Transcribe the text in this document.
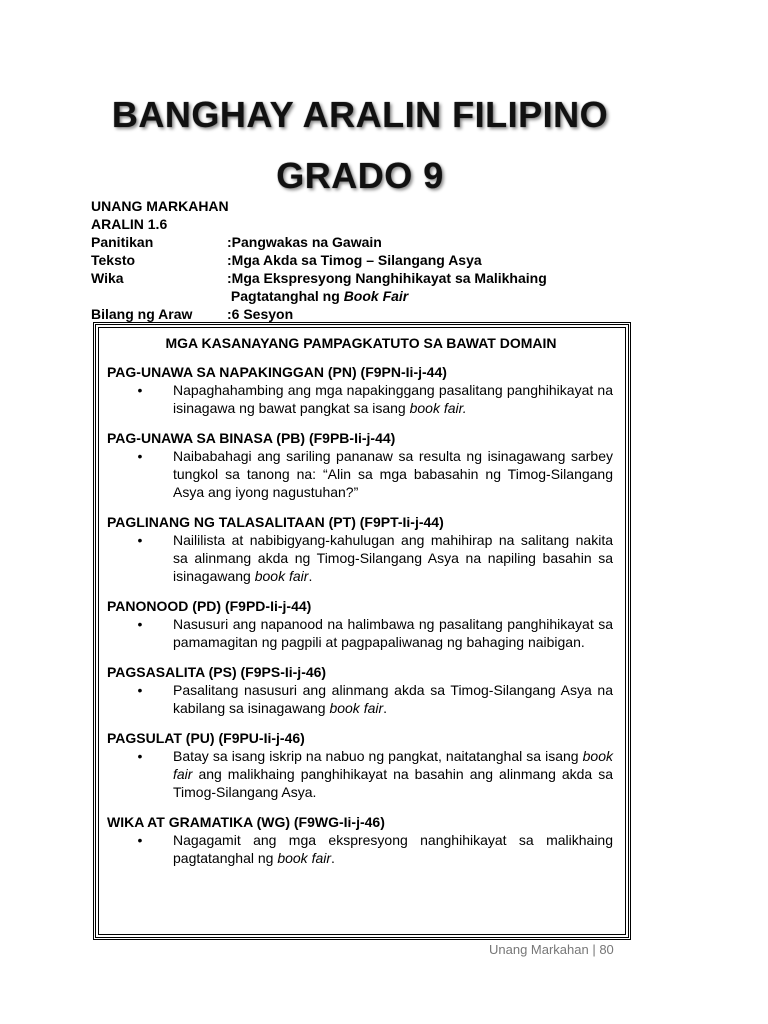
BANGHAY ARALIN FILIPINO
GRADO 9
UNANG MARKAHAN
ARALIN 1.6
Panitikan	:Pangwakas na Gawain
Teksto	:Mga Akda sa Timog – Silangang Asya
Wika	:Mga Ekspresyong Nanghihikayat sa Malikhaing
Pagtatanghal ng Book Fair
Bilang ng Araw :6 Sesyon
MGA KASANAYANG PAMPAGKATUTO SA BAWAT DOMAIN
PAG-UNAWA SA NAPAKINGGAN (PN) (F9PN-Ii-j-44)
•	Napaghahambing ang mga napakinggang pasalitang panghihikayat na isinagawa ng bawat pangkat sa isang book fair.
PAG-UNAWA SA BINASA (PB) (F9PB-Ii-j-44)
•	Naibabahagi ang sariling pananaw sa resulta ng isinagawang sarbey tungkol sa tanong na: “Alin sa mga babasahin ng Timog-Silangang Asya ang iyong nagustuhan?”
PAGLINANG NG TALASALITAAN (PT) (F9PT-Ii-j-44)
•	Naililista at nabibigyang-kahulugan ang mahihirap na salitang nakita sa alinmang akda ng Timog-Silangang Asya na napiling basahin sa isinagawang book fair.
PANONOOD (PD) (F9PD-Ii-j-44)
•	Nasusuri ang napanood na halimbawa ng pasalitang panghihikayat sa pamamagitan ng pagpili at pagpapaliwanag ng bahaging naibigan.
PAGSASALITA (PS) (F9PS-Ii-j-46)
•	Pasalitang nasusuri ang alinmang akda sa Timog-Silangang Asya na kabilang sa isinagawang book fair.
PAGSULAT (PU) (F9PU-Ii-j-46)
•	Batay sa isang iskrip na nabuo ng pangkat, naitatanghal sa isang book fair ang malikhaing panghihikayat na basahin ang alinmang akda sa Timog-Silangang Asya.
WIKA AT GRAMATIKA (WG) (F9WG-Ii-j-46)
•	Nagagamit ang mga ekspresyong nanghihikayat sa malikhaing pagtatanghal ng book fair.
Unang Markahan | 80
